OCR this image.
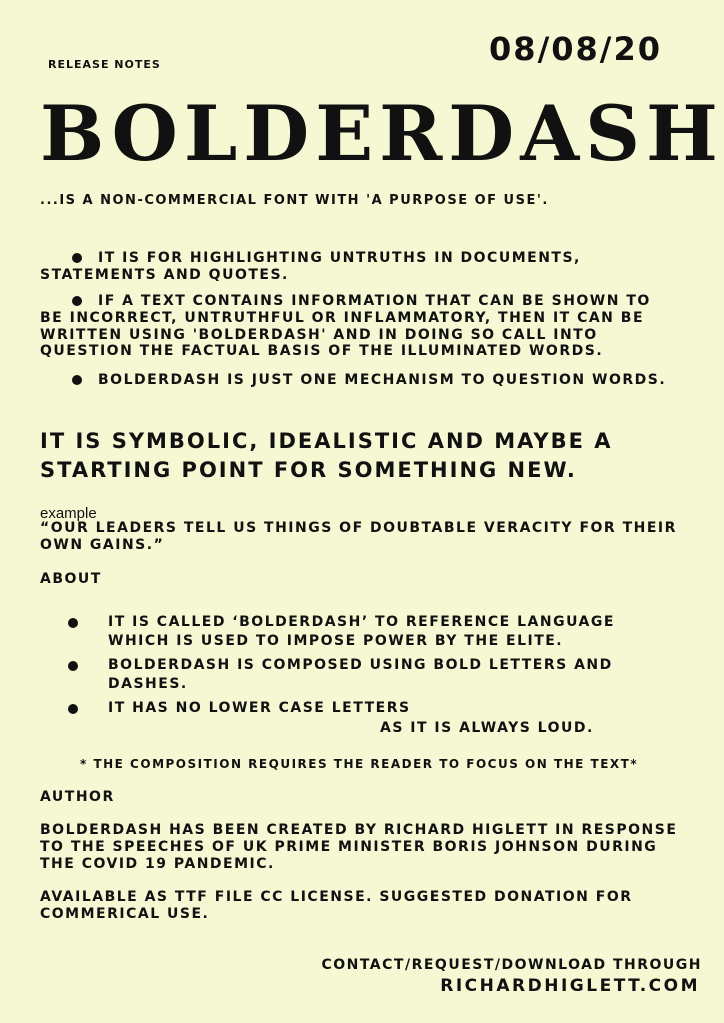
RELEASE NOTES	08/08/20
BOLDERDASH
...IS A NON-COMMERCIAL FONT WITH 'A PURPOSE OF USE'.
IT IS FOR HIGHLIGHTING UNTRUTHS IN DOCUMENTS, STATEMENTS AND QUOTES.
IF A TEXT CONTAINS INFORMATION THAT CAN BE SHOWN TO BE INCORRECT, UNTRUTHFUL OR INFLAMMATORY, THEN IT CAN BE WRITTEN USING 'BOLDERDASH' AND IN DOING SO CALL INTO QUESTION THE FACTUAL BASIS OF THE ILLUMINATED WORDS.
BOLDERDASH IS JUST ONE MECHANISM TO QUESTION WORDS.
IT IS SYMBOLIC, IDEALISTIC AND MAYBE A STARTING POINT FOR SOMETHING NEW.
example
“OUR LEADERS TELL US THINGS OF DOUBTABLE VERACITY FOR THEIR OWN GAINS.”
ABOUT
IT IS CALLED ‘BOLDERDASH’ TO REFERENCE LANGUAGE WHICH IS USED TO IMPOSE POWER BY THE ELITE.
BOLDERDASH IS COMPOSED USING BOLD LETTERS AND DASHES.
IT HAS NO LOWER CASE LETTERS
AS IT IS ALWAYS LOUD.
* THE COMPOSITION REQUIRES THE READER TO FOCUS ON THE TEXT*
AUTHOR
BOLDERDASH HAS BEEN CREATED BY RICHARD HIGLETT IN RESPONSE TO THE SPEECHES OF UK PRIME MINISTER BORIS JOHNSON DURING THE COVID 19 PANDEMIC.
AVAILABLE AS TTF FILE CC LICENSE. SUGGESTED DONATION FOR COMMERICAL USE.
CONTACT/REQUEST/DOWNLOAD THROUGH
RICHARDHIGLETT.COM
